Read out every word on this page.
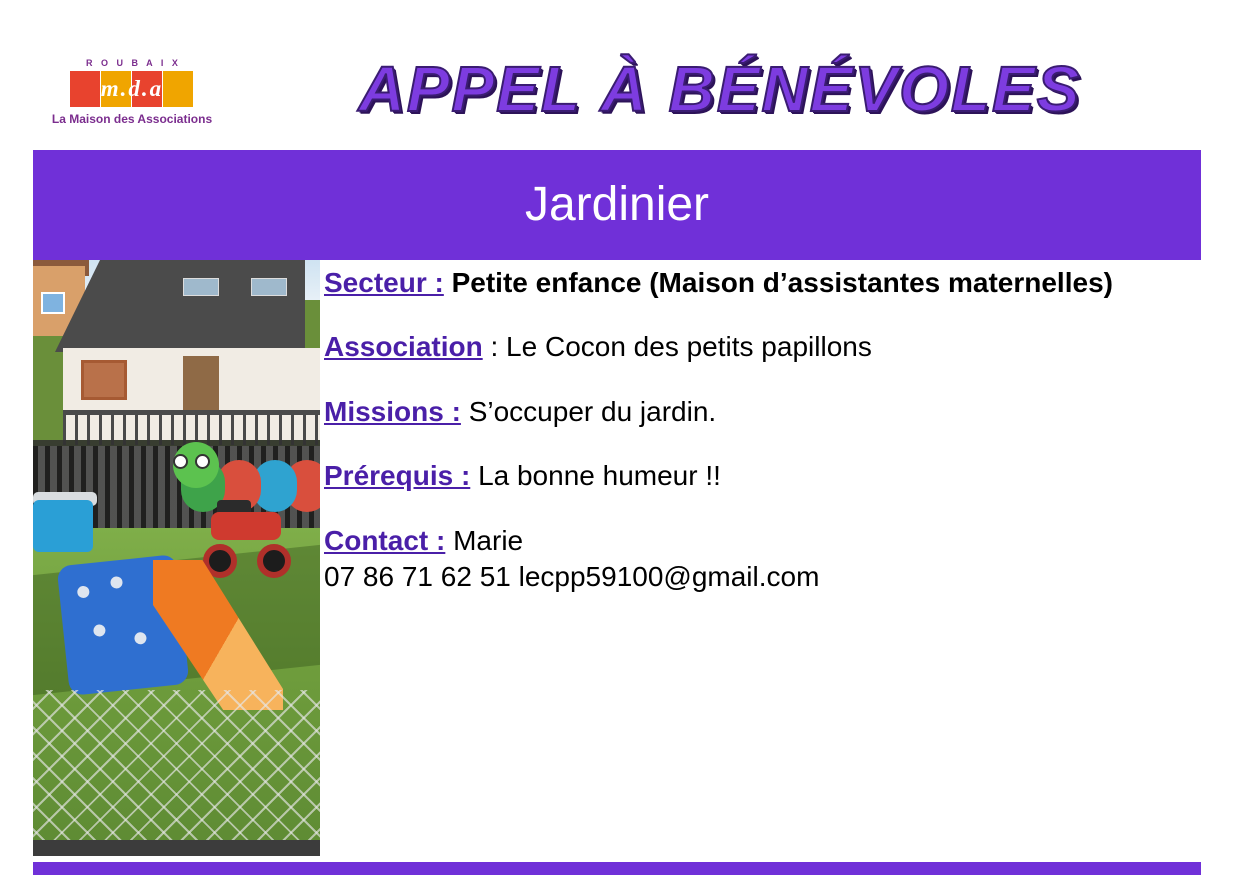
R O U B A I X
m.d.a
La Maison des Associations	APPEL À BÉNÉVOLES
Jardinier
Secteur : Petite enfance (Maison d’assistantes maternelles)
Association : Le Cocon des petits papillons
Missions : S’occuper du jardin.
Prérequis : La bonne humeur !!
Contact : Marie
07 86 71 62 51 lecpp59100@gmail.com
